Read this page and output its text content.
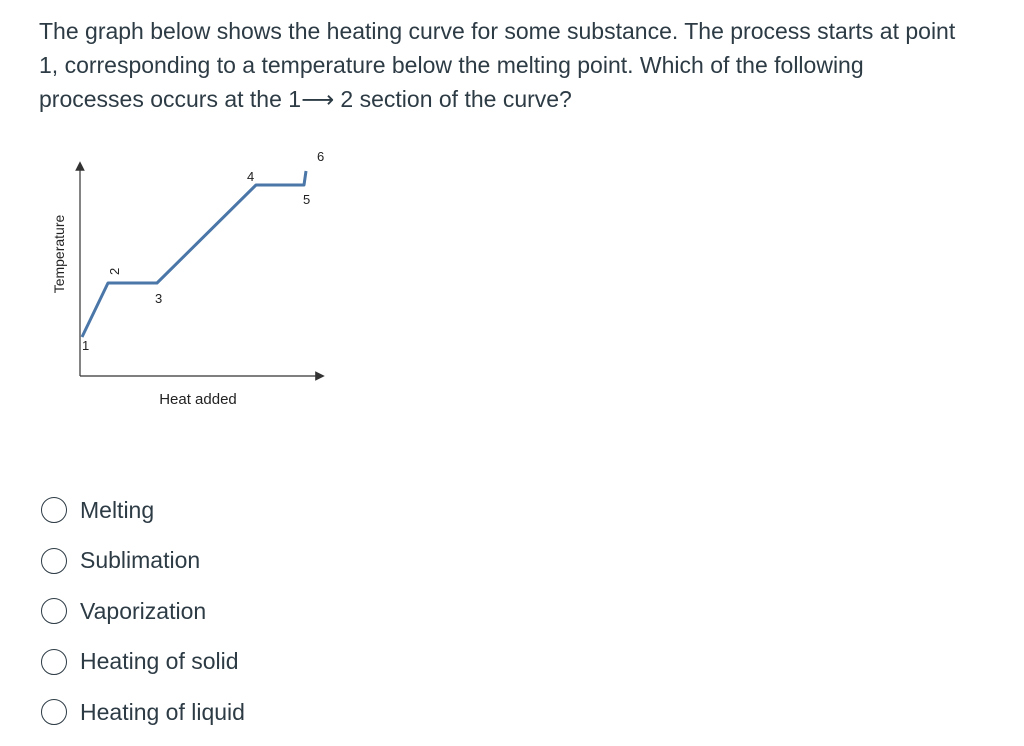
The graph below shows the heating curve for some substance. The process starts at point 1, corresponding to a temperature below the melting point. Which of the following processes occurs at the 1⟶ 2 section of the curve?
1
2
3
4
5
6
Temperature
Heat added
Melting
Sublimation
Vaporization
Heating of solid
Heating of liquid
